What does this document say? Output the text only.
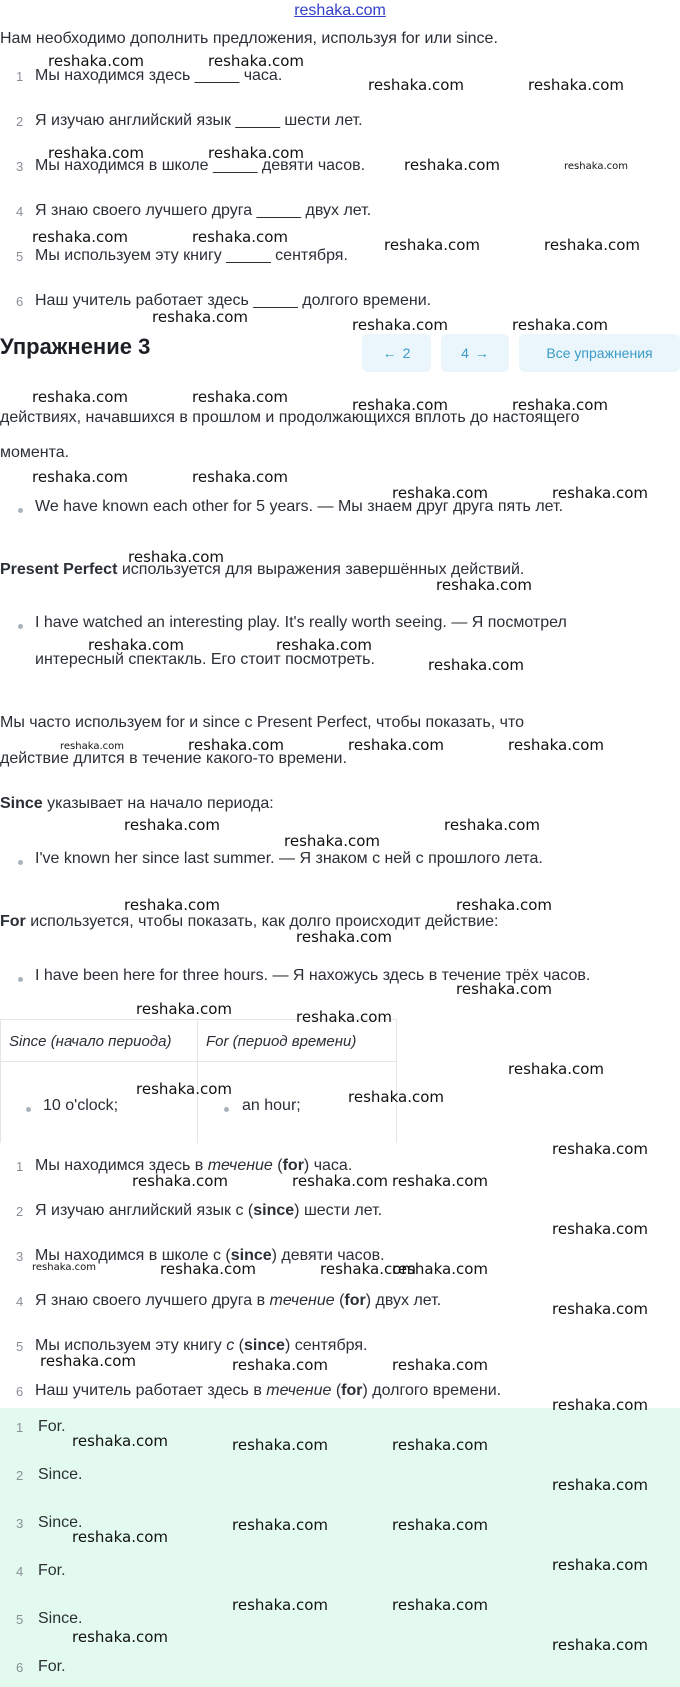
reshaka.com
Нам необходимо дополнить предложения, используя for или since.
1 Мы находимся здесь _____ часа.
2 Я изучаю английский язык _____ шести лет.
3 Мы находимся в школе _____ девяти часов.
4 Я знаю своего лучшего друга _____ двух лет.
5 Мы используем эту книгу _____ сентября.
6 Наш учитель работает здесь _____ долгого времени.
Упражнение 3	← 2	4 →	Все упражнения
действиях, начавшихся в прошлом и продолжающихся вплоть до настоящего
момента.
We have known each other for 5 years. — Мы знаем друг друга пять лет.
Present Perfect используется для выражения завершённых действий.
I have watched an interesting play. It's really worth seeing. — Я посмотрел
интересный спектакль. Его стоит посмотреть.
Мы часто используем for и since с Present Perfect, чтобы показать, что
действие длится в течение какого-то времени.
Since указывает на начало периода:
I've known her since last summer. — Я знаком с ней с прошлого лета.
For используется, чтобы показать, как долго происходит действие:
I have been here for three hours. — Я нахожусь здесь в течение трёх часов.
Since (начало периода) For (период времени)
10 o'clock;	an hour;
1 Мы находимся здесь в течение (for) часа.
2 Я изучаю английский язык с (since) шести лет.
3 Мы находимся в школе с (since) девяти часов.
4 Я знаю своего лучшего друга в течение (for) двух лет.
5 Мы используем эту книгу с (since) сентября.
6 Наш учитель работает здесь в течение (for) долгого времени.
1 For.
2 Since.
3 Since.
4 For.
5 Since.
6 For.
reshaka.com	reshaka.com
reshaka.com	reshaka.com
reshaka.com	reshaka.com
reshaka.com	reshaka.com
reshaka.com	reshaka.com	reshaka.com	reshaka.com
reshaka.com	reshaka.com	reshaka.com
reshaka.com	reshaka.com	reshaka.com	reshaka.com
reshaka.com	reshaka.com
reshaka.com	reshaka.com
reshaka.com
reshaka.com
reshaka.com	reshaka.com
reshaka.com
reshaka.com	reshaka.com	reshaka.com	reshaka.com
reshaka.com	reshaka.com
reshaka.com
reshaka.com	reshaka.com
reshaka.com
reshaka.com
reshaka.com	reshaka.com
reshaka.com
reshaka.com	reshaka.com
reshaka.com
reshaka.com	reshaka.com reshaka.com
reshaka.com
reshaka.com	reshaka.com	reshaka.com
reshaka.com
reshaka.com
reshaka.com	reshaka.com	reshaka.com
reshaka.com
reshaka.com	reshaka.com	reshaka.com
reshaka.com
reshaka.com
reshaka.com	reshaka.com
reshaka.com
reshaka.com	reshaka.com
reshaka.com	reshaka.com
